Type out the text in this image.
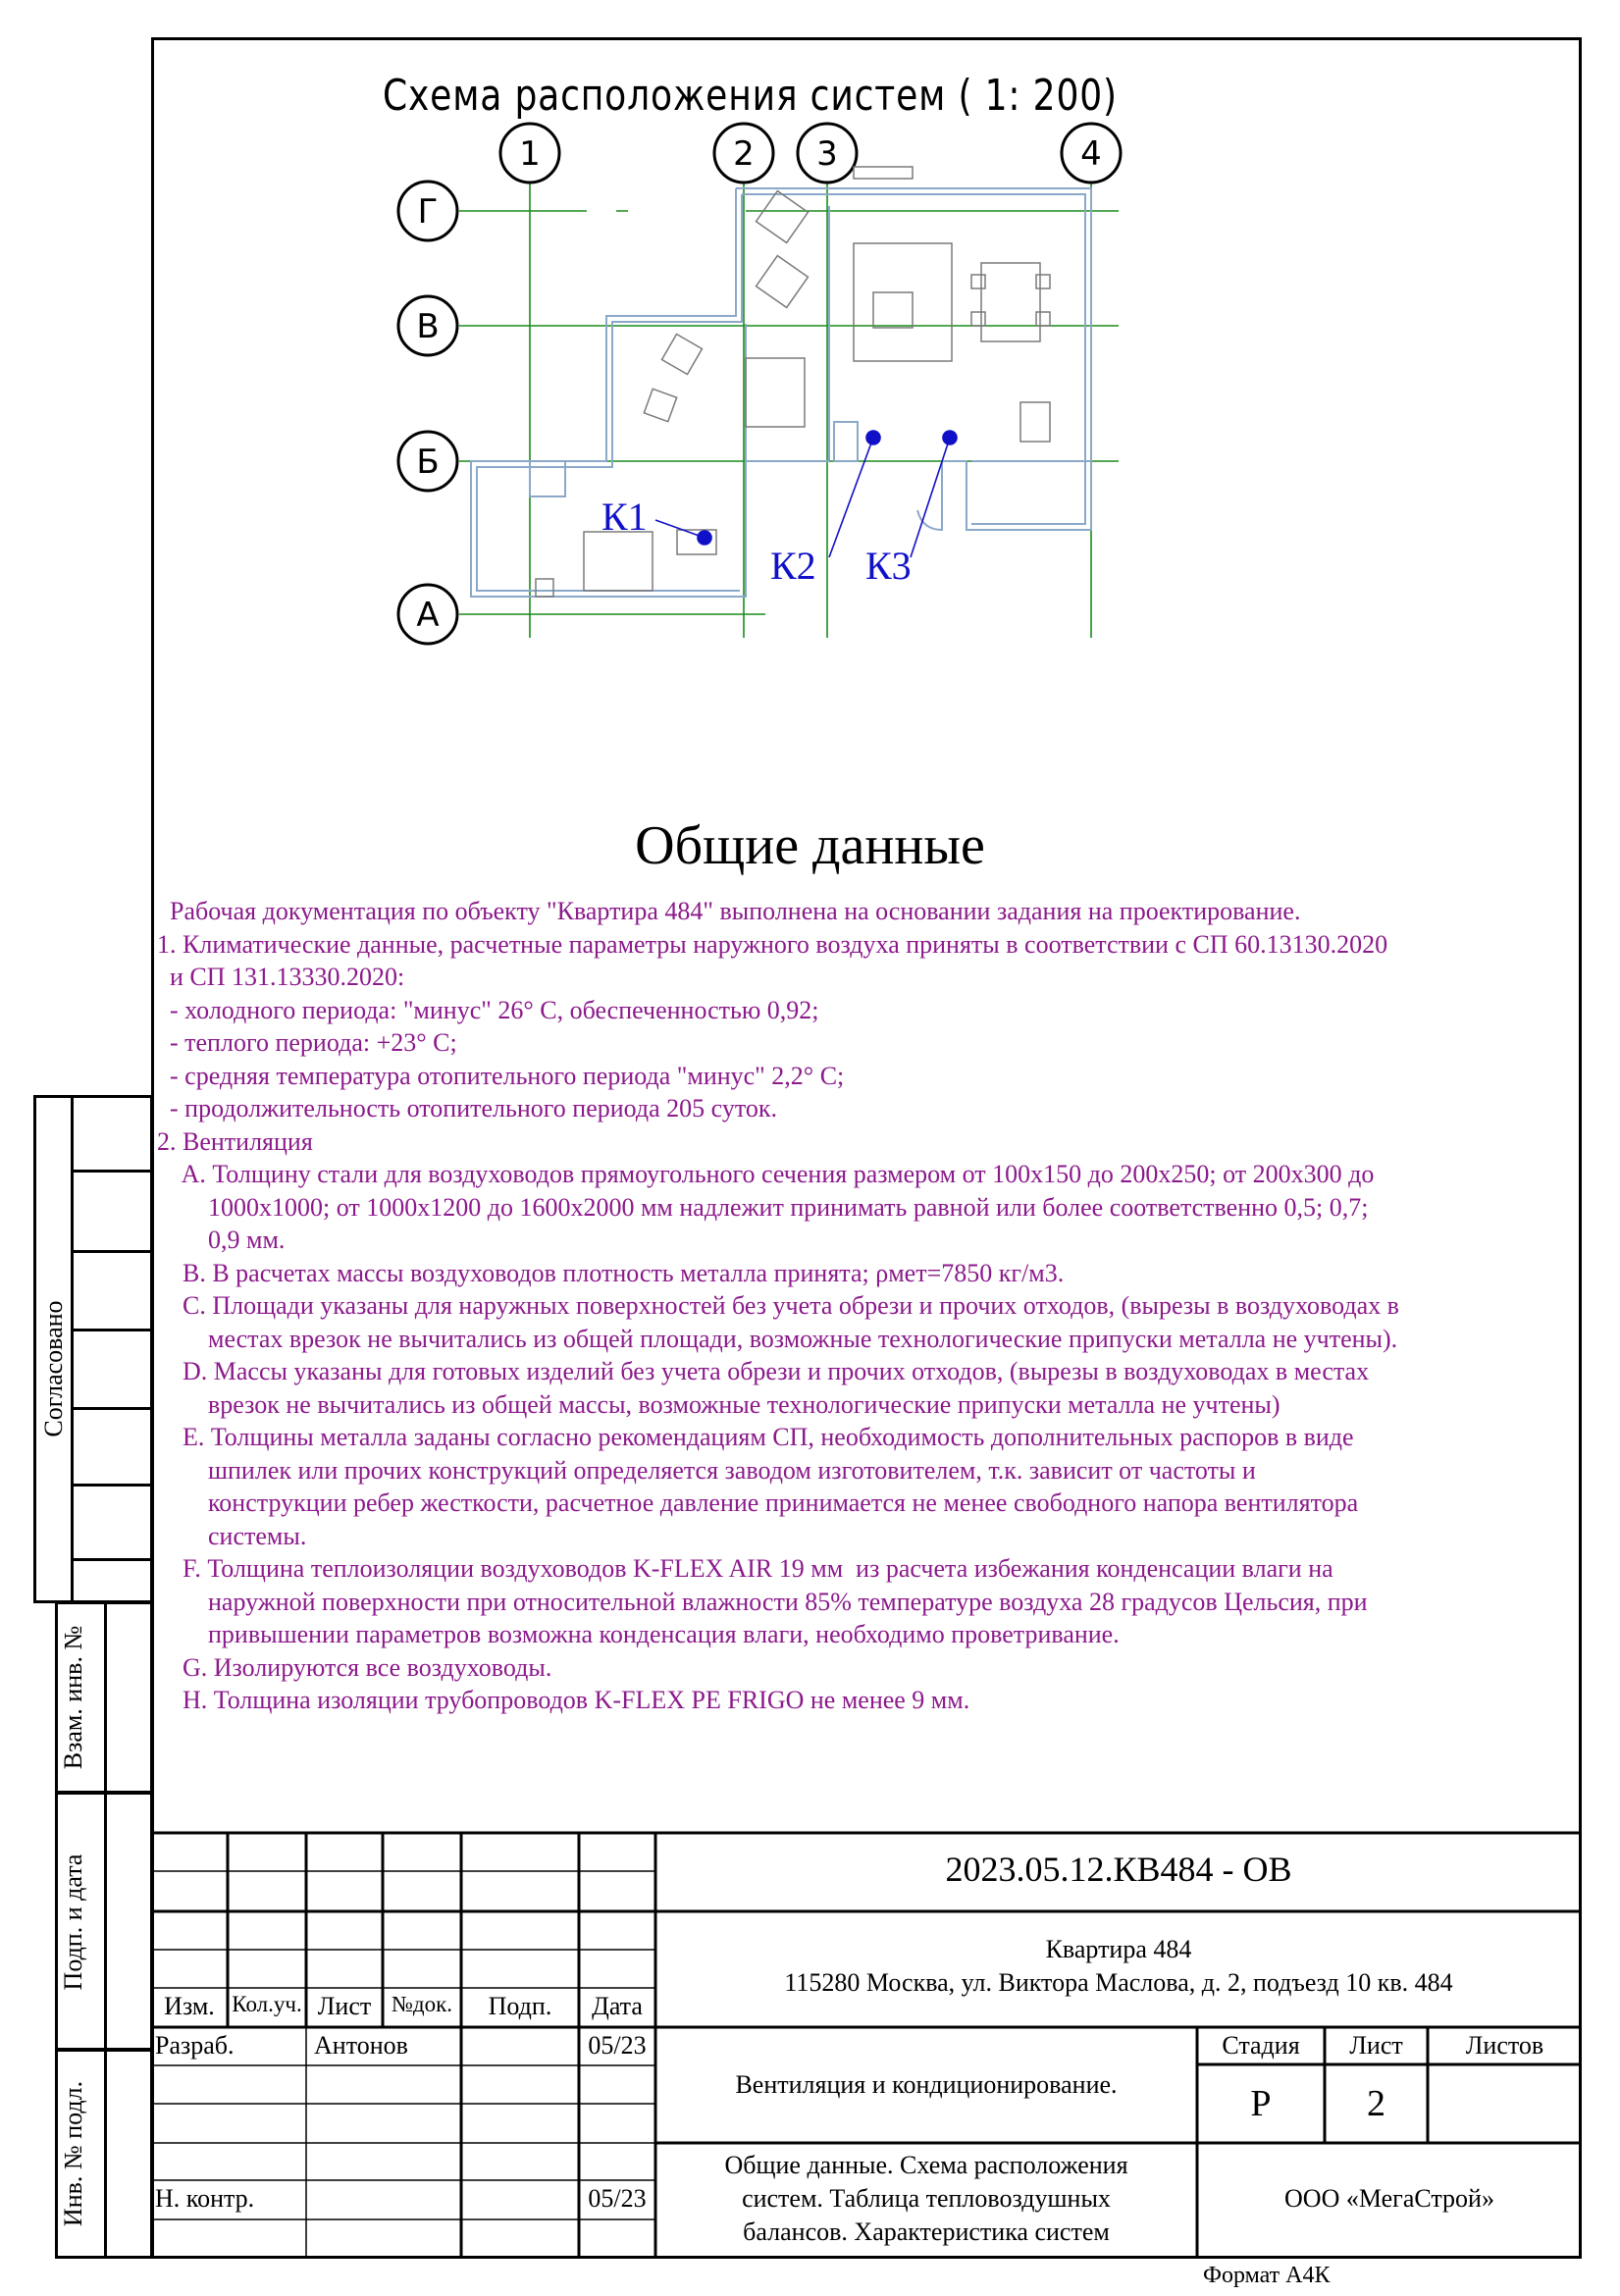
Согласовано
Взам. инв. №
Подп. и дата
Инв. № подл.
Схема расположения систем ( 1: 200)
1	2 3	4
Г
В
Б
А
К1
К2 К3
Общие данные

Рабочая документация по объекту "Квартира 484" выполнена на основании задания на проектирование.

1. Климатические данные, расчетные параметры наружного воздуха приняты в соответствии с СП 60.13130.2020

и СП 131.13330.2020:

- холодного периода: "минус" 26° С, обеспеченностью 0,92;

- теплого периода: +23° С;

- средняя температура отопительного периода "минус" 2,2° С;

- продолжительность отопительного периода 205 суток.

2. Вентиляция

A. Толщину стали для воздуховодов прямоугольного сечения размером от 100х150 до 200х250; от 200х300 до

1000х1000; от 1000х1200 до 1600х2000 мм надлежит принимать равной или более соответственно 0,5; 0,7;

0,9 мм.

B. В расчетах массы воздуховодов плотность металла принята; ρмет=7850 кг/м3.

C. Площади указаны для наружных поверхностей без учета обрези и прочих отходов, (вырезы в воздуховодах в

местах врезок не вычитались из общей площади, возможные технологические припуски металла не учтены).

D. Массы указаны для готовых изделий без учета обрези и прочих отходов, (вырезы в воздуховодах в местах

врезок не вычитались из общей массы, возможные технологические припуски металла не учтены)

E. Толщины металла заданы согласно рекомендациям СП, необходимость дополнительных распоров в виде

шпилек или прочих конструкций определяется заводом изготовителем, т.к. зависит от частоты и

конструкции ребер жесткости, расчетное давление принимается не менее свободного напора вентилятора

системы.

F. Толщина теплоизоляции воздуховодов K-FLEX AIR 19 мм  из расчета избежания конденсации влаги на

наружной поверхности при относительной влажности 85% температуре воздуха 28 градусов Цельсия, при

привышении параметров возможна конденсация влаги, необходимо проветривание.

G. Изолируются все воздуховоды.

H. Толщина изоляции трубопроводов K-FLEX PE FRIGO не менее 9 мм.

2023.05.12.КВ484 - ОВ
Квартира 484
115280 Москва, ул. Виктора Маслова, д. 2, подъезд 10 кв. 484
Изм. Кол.уч. Лист №док.	Подп.	Дата
Разраб.	Антонов	05/23
Н. контр.	05/23
Вентиляция и кондиционирование.
Общие данные. Схема расположения
систем. Таблица тепловоздушных
балансов. Характеристика систем
Стадия	Лист	Листов
Р	2
ООО «МегаСтрой»
Формат А4К
